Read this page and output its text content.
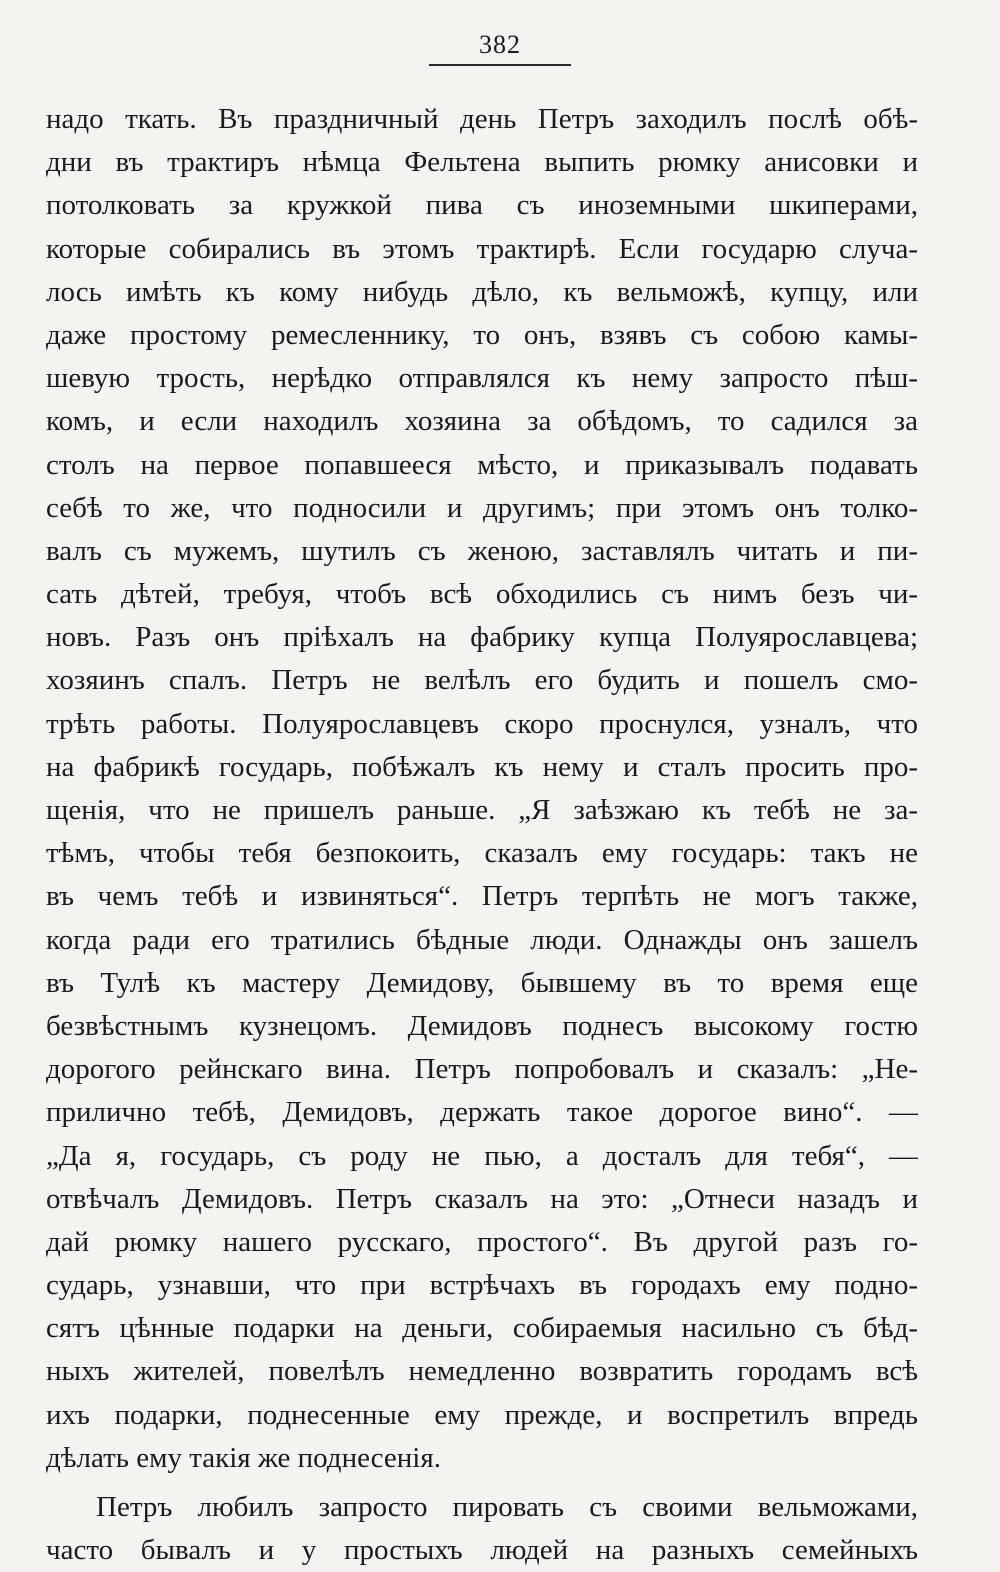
382
надо ткать. Въ праздничный день Петръ заходилъ послѣ обѣ-
дни въ трактиръ нѣмца Фельтена выпить рюмку анисовки и
потолковать за кружкой пива съ иноземными шкиперами,
которые собирались въ этомъ трактирѣ. Если государю случа-
лось имѣть къ кому нибудь дѣло, къ вельможѣ, купцу, или
даже простому ремесленнику, то онъ, взявъ съ собою камы-
шевую трость, нерѣдко отправлялся къ нему запросто пѣш-
комъ, и если находилъ хозяина за обѣдомъ, то садился за
столъ на первое попавшееся мѣсто, и приказывалъ подавать
себѣ то же, что подносили и другимъ; при этомъ онъ толко-
валъ съ мужемъ, шутилъ съ женою, заставлялъ читать и пи-
сать дѣтей, требуя, чтобъ всѣ обходились съ нимъ безъ чи-
новъ. Разъ онъ пріѣхалъ на фабрику купца Полуярославцева;
хозяинъ спалъ. Петръ не велѣлъ его будить и пошелъ смо-
трѣть работы. Полуярославцевъ скоро проснулся, узналъ, что
на фабрикѣ государь, побѣжалъ къ нему и сталъ просить про-
щенія, что не пришелъ раньше. „Я заѣзжаю къ тебѣ не за-
тѣмъ, чтобы тебя безпокоить, сказалъ ему государь: такъ не
въ чемъ тебѣ и извиняться“. Петръ терпѣть не могъ также,
когда ради его тратились бѣдные люди. Однажды онъ зашелъ
въ Тулѣ къ мастеру Демидову, бывшему въ то время еще
безвѣстнымъ кузнецомъ. Демидовъ поднесъ высокому гостю
дорогого рейнскаго вина. Петръ попробовалъ и сказалъ: „Не-
прилично тебѣ, Демидовъ, держать такое дорогое вино“. —
„Да я, государь, съ роду не пью, а досталъ для тебя“, —
отвѣчалъ Демидовъ. Петръ сказалъ на это: „Отнеси назадъ и
дай рюмку нашего русскаго, простого“. Въ другой разъ го-
сударь, узнавши, что при встрѣчахъ въ городахъ ему подно-
сятъ цѣнные подарки на деньги, собираемыя насильно съ бѣд-
ныхъ жителей, повелѣлъ немедленно возвратить городамъ всѣ
ихъ подарки, поднесенные ему прежде, и воспретилъ впредь
дѣлать ему такія же поднесенія.
Петръ любилъ запросто пировать съ своими вельможами,
часто бывалъ и у простыхъ людей на разныхъ семейныхъ
